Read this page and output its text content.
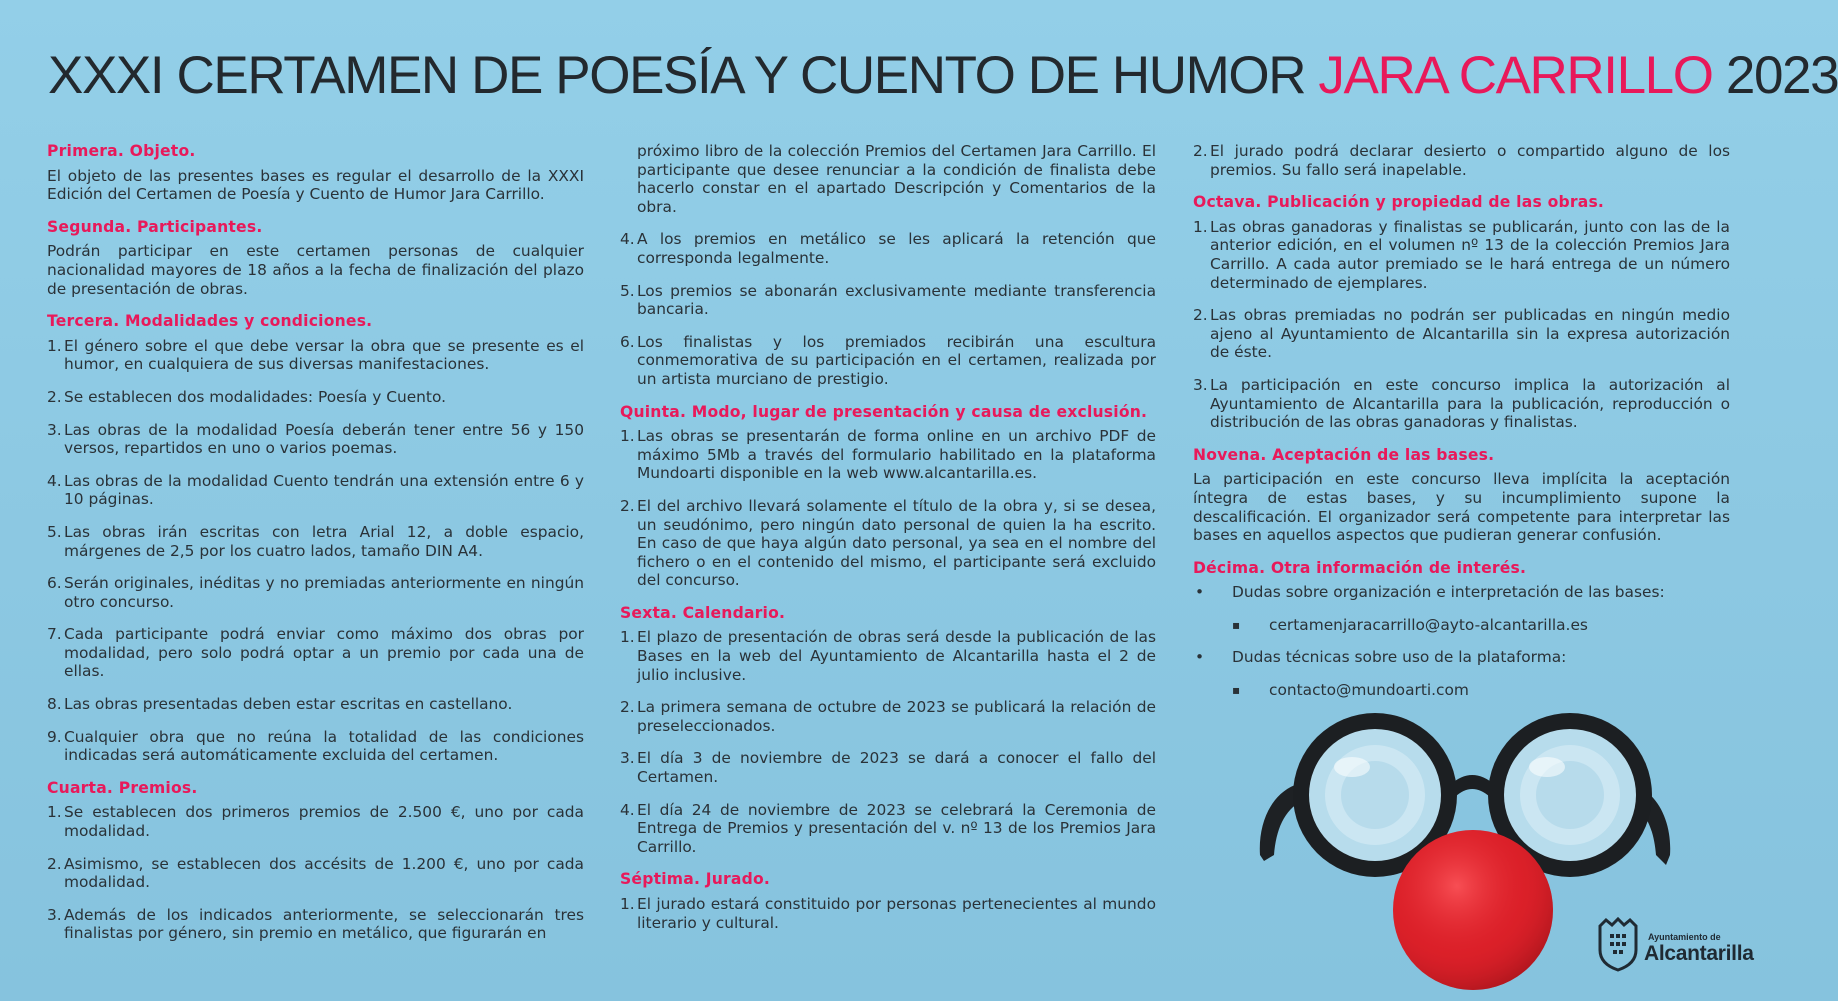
XXXI CERTAMEN DE POESÍA Y CUENTO DE HUMOR JARA CARRILLO 2023
Primera. Objeto.
El objeto de las presentes bases es regular el desarrollo de la XXXI Edición del Certamen de Poesía y Cuento de Humor Jara Carrillo.
Segunda. Participantes.
Podrán participar en este certamen personas de cualquier nacionalidad mayores de 18 años a la fecha de finalización del plazo de presentación de obras.
Tercera. Modalidades y condiciones.
1. El género sobre el que debe versar la obra que se presente es el humor, en cualquiera de sus diversas manifestaciones.
2. Se establecen dos modalidades: Poesía y Cuento.
3. Las obras de la modalidad Poesía deberán tener entre 56 y 150 versos, repartidos en uno o varios poemas.
4. Las obras de la modalidad Cuento tendrán una extensión entre 6 y 10 páginas.
5. Las obras irán escritas con letra Arial 12, a doble espacio, márgenes de 2,5 por los cuatro lados, tamaño DIN A4.
6. Serán originales, inéditas y no premiadas anteriormente en ningún otro concurso.
7. Cada participante podrá enviar como máximo dos obras por modalidad, pero solo podrá optar a un premio por cada una de ellas.
8. Las obras presentadas deben estar escritas en castellano.
9. Cualquier obra que no reúna la totalidad de las condiciones indicadas será automáticamente excluida del certamen.
Cuarta. Premios.
1. Se establecen dos primeros premios de 2.500 €, uno por cada modalidad.
2. Asimismo, se establecen dos accésits de 1.200 €, uno por cada modalidad.
3. Además de los indicados anteriormente, se seleccionarán tres finalistas por género, sin premio en metálico, que figurarán en
próximo libro de la colección Premios del Certamen Jara Carrillo. El participante que desee renunciar a la condición de finalista debe hacerlo constar en el apartado Descripción y Comentarios de la obra.
4. A los premios en metálico se les aplicará la retención que corresponda legalmente.
5. Los premios se abonarán exclusivamente mediante transferencia bancaria.
6. Los finalistas y los premiados recibirán una escultura conmemorativa de su participación en el certamen, realizada por un artista murciano de prestigio.
Quinta. Modo, lugar de presentación y causa de exclusión.
1. Las obras se presentarán de forma online en un archivo PDF de máximo 5Mb a través del formulario habilitado en la plataforma Mundoarti disponible en la web www.alcantarilla.es.
2. El del archivo llevará solamente el título de la obra y, si se desea, un seudónimo, pero ningún dato personal de quien la ha escrito. En caso de que haya algún dato personal, ya sea en el nombre del fichero o en el contenido del mismo, el participante será excluido del concurso.
Sexta. Calendario.
1. El plazo de presentación de obras será desde la publicación de las Bases en la web del Ayuntamiento de Alcantarilla hasta el 2 de julio inclusive.
2. La primera semana de octubre de 2023 se publicará la relación de preseleccionados.
3. El día 3 de noviembre de 2023 se dará a conocer el fallo del Certamen.
4. El día 24 de noviembre de 2023 se celebrará la Ceremonia de Entrega de Premios y presentación del v. nº 13 de los Premios Jara Carrillo.
Séptima. Jurado.
1. El jurado estará constituido por personas pertenecientes al mundo literario y cultural.
2. El jurado podrá declarar desierto o compartido alguno de los premios. Su fallo será inapelable.
Octava. Publicación y propiedad de las obras.
1. Las obras ganadoras y finalistas se publicarán, junto con las de la anterior edición, en el volumen nº 13 de la colección Premios Jara Carrillo. A cada autor premiado se le hará entrega de un número determinado de ejemplares.
2. Las obras premiadas no podrán ser publicadas en ningún medio ajeno al Ayuntamiento de Alcantarilla sin la expresa autorización de éste.
3. La participación en este concurso implica la autorización al Ayuntamiento de Alcantarilla para la publicación, reproducción o distribución de las obras ganadoras y finalistas.
Novena. Aceptación de las bases.
La participación en este concurso lleva implícita la aceptación íntegra de estas bases, y su incumplimiento supone la descalificación. El organizador será competente para interpretar las bases en aquellos aspectos que pudieran generar confusión.
Décima. Otra información de interés.
•	Dudas sobre organización e interpretación de las bases:
▪	certamenjaracarrillo@ayto-alcantarilla.es
•	Dudas técnicas sobre uso de la plataforma:
▪	contacto@mundoarti.com
Ayuntamiento de
Alcantarilla
